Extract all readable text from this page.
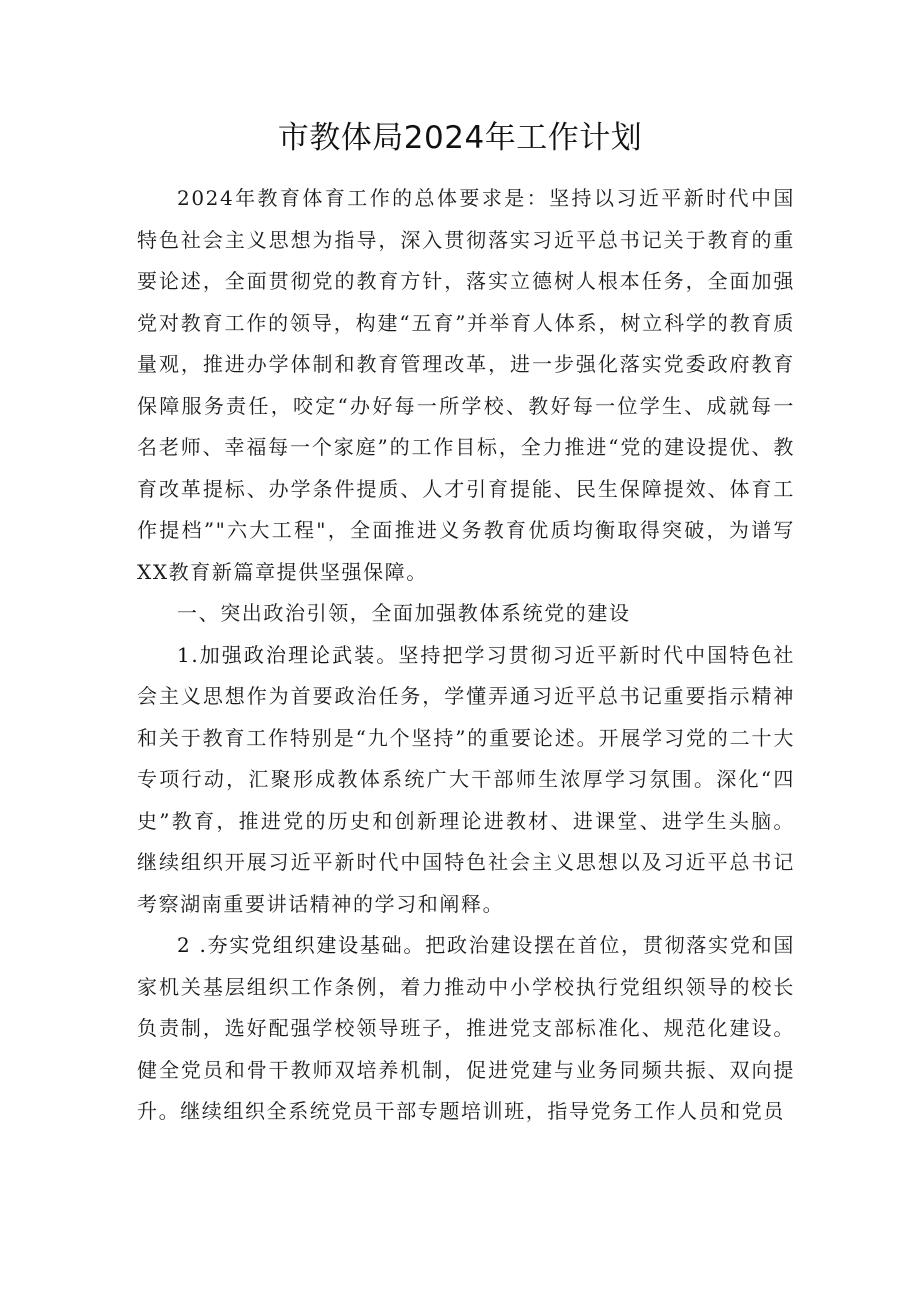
市教体局2024年工作计划

2024年教育体育工作的总体要求是：坚持以习近平新时代中国特色社会主义思想为指导，深入贯彻落实习近平总书记关于教育的重要论述，全面贯彻党的教育方针，落实立德树人根本任务，全面加强党对教育工作的领导，构建“五育”并举育人体系，树立科学的教育质量观，推进办学体制和教育管理改革，进一步强化落实党委政府教育保障服务责任，咬定“办好每一所学校、教好每一位学生、成就每一名老师、幸福每一个家庭”的工作目标，全力推进“党的建设提优、教育改革提标、办学条件提质、人才引育提能、民生保障提效、体育工作提档”"六大工程"，全面推进义务教育优质均衡取得突破，为谱写XX教育新篇章提供坚强保障。

一、突出政治引领，全面加强教体系统党的建设

1.加强政治理论武装。坚持把学习贯彻习近平新时代中国特色社会主义思想作为首要政治任务，学懂弄通习近平总书记重要指示精神和关于教育工作特别是“九个坚持”的重要论述。开展学习党的二十大专项行动，汇聚形成教体系统广大干部师生浓厚学习氛围。深化“四史”教育，推进党的历史和创新理论进教材、进课堂、进学生头脑。继续组织开展习近平新时代中国特色社会主义思想以及习近平总书记考察湖南重要讲话精神的学习和阐释。

2 .夯实党组织建设基础。把政治建设摆在首位，贯彻落实党和国家机关基层组织工作条例，着力推动中小学校执行党组织领导的校长负责制，选好配强学校领导班子，推进党支部标准化、规范化建设。健全党员和骨干教师双培养机制，促进党建与业务同频共振、双向提升。继续组织全系统党员干部专题培训班，指导党务工作人员和党员
